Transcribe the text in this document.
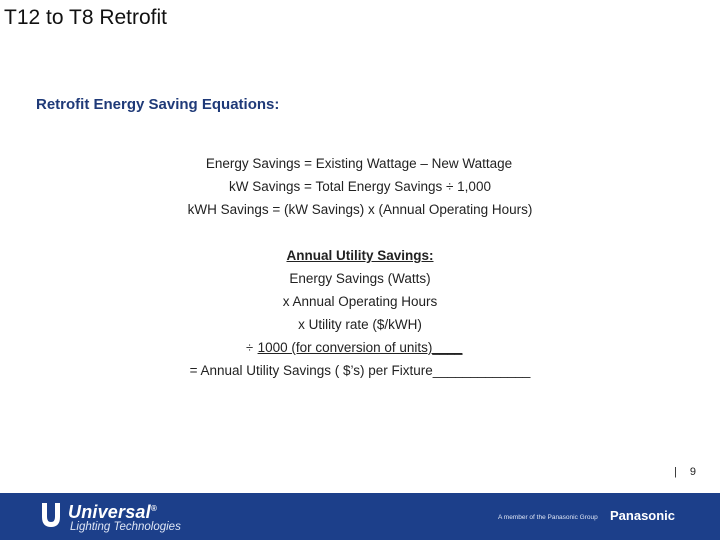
T12 to T8 Retrofit
Retrofit Energy Saving Equations:
Energy Savings = Existing Wattage – New Wattage
kW Savings = Total Energy Savings ÷ 1,000
kWH Savings = (kW Savings) x (Annual Operating Hours)
Annual Utility Savings:
Energy Savings (Watts)
x Annual Operating Hours
x Utility rate ($/kWH)
÷ 1000 (for conversion of units)____
= Annual Utility Savings ( $’s) per Fixture_____________
| 9
Universal®
Lighting Technologies
A member of the Panasonic Group Panasonic
